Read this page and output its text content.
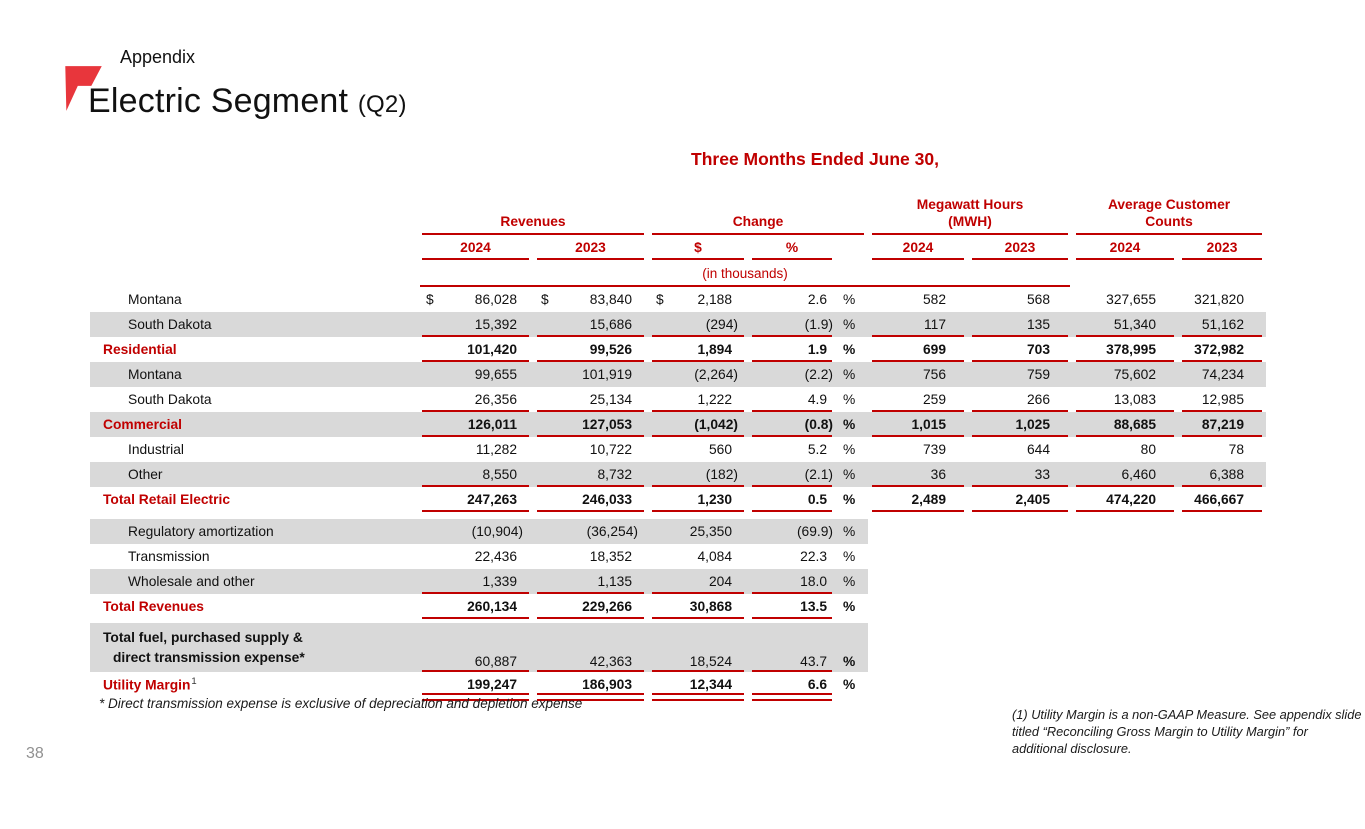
Appendix
Electric Segment (Q2)
Three Months Ended June 30,
	Revenues		Change			Megawatt Hours
(MWH)		Average Customer
Counts	
	2024	2023	$	%		2024	2023	2024	2023
	(in thousands)								
Montana	$ 86,028	$ 83,840	$ 2,188	2.6	%	582	568	327,655	321,820
South Dakota	15,392	15,686	(294)	(1.9)	%	117	135	51,340	51,162
Residential	101,420	99,526	1,894	1.9	%	699	703	378,995	372,982
Montana	99,655	101,919	(2,264)	(2.2)	%	756	759	75,602	74,234
South Dakota	26,356	25,134	1,222	4.9	%	259	266	13,083	12,985
Commercial	126,011	127,053	(1,042)	(0.8)	%	1,015	1,025	88,685	87,219
Industrial	11,282	10,722	560	5.2	%	739	644	80	78
Other	8,550	8,732	(182)	(2.1)	%	36	33	6,460	6,388
Total Retail Electric	247,263	246,033	1,230	0.5	%	2,489	2,405	474,220	466,667

Regulatory amortization	(10,904)	(36,254)	25,350	(69.9)	%				
Transmission	22,436	18,352	4,084	22.3	%				
Wholesale and other	1,339	1,135	204	18.0	%				
Total Revenues	260,134	229,266	30,868	13.5	%				

Total fuel, purchased supply &
direct transmission expense*	60,887	42,363	18,524	43.7	%				
Utility Margin$^1$	199,247	186,903	12,344	6.6	%				
* Direct transmission expense is exclusive of depreciation and depletion expense
(1) Utility Margin is a non-GAAP Measure. See appendix slide titled “Reconciling Gross Margin to Utility Margin” for additional disclosure.
38
